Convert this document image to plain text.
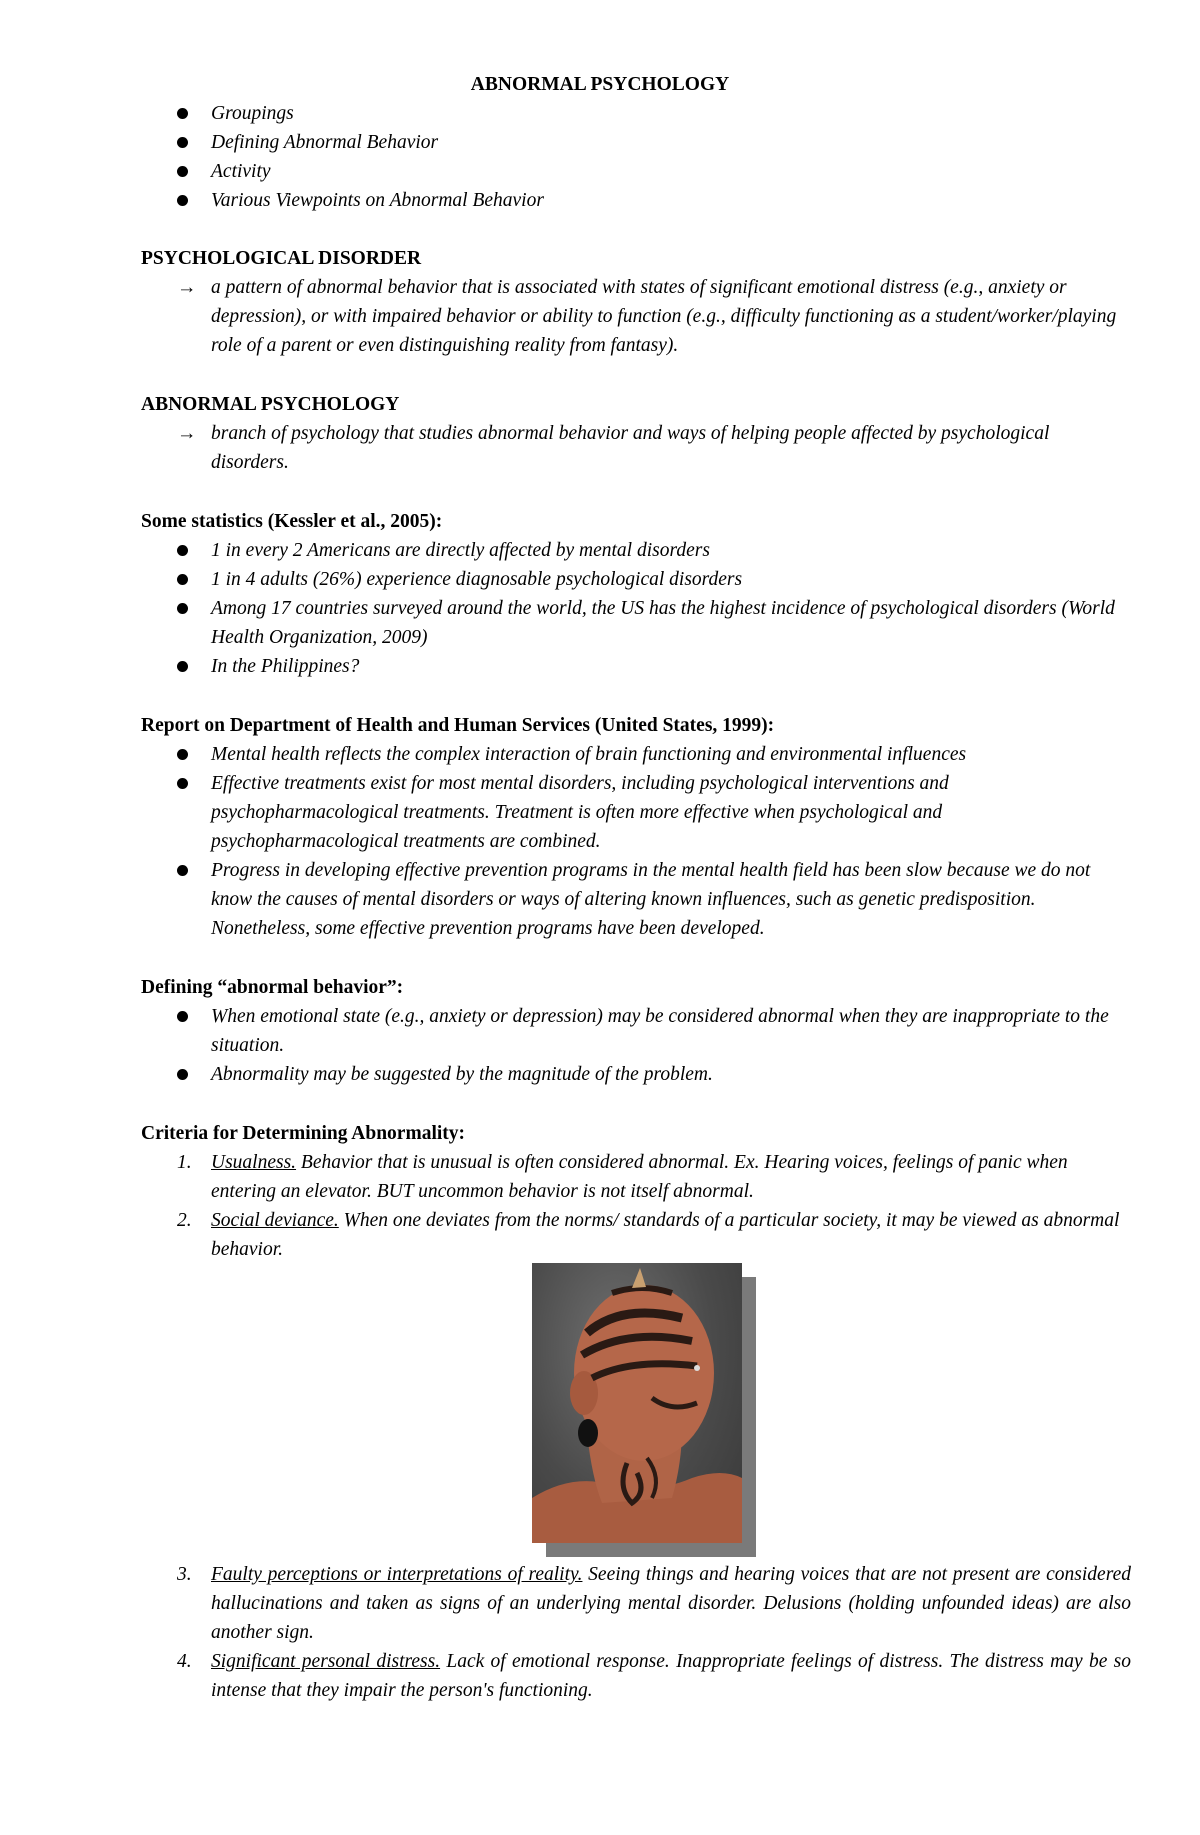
ABNORMAL PSYCHOLOGY
Groupings
Defining Abnormal Behavior
Activity
Various Viewpoints on Abnormal Behavior
PSYCHOLOGICAL DISORDER
→ a pattern of abnormal behavior that is associated with states of significant emotional distress (e.g., anxiety or depression), or with impaired behavior or ability to function (e.g., difficulty functioning as a student/worker/playing role of a parent or even distinguishing reality from fantasy).
ABNORMAL PSYCHOLOGY
→ branch of psychology that studies abnormal behavior and ways of helping people affected by psychological disorders.
Some statistics (Kessler et al., 2005):
1 in every 2 Americans are directly affected by mental disorders
1 in 4 adults (26%) experience diagnosable psychological disorders
Among 17 countries surveyed around the world, the US has the highest incidence of psychological disorders (World Health Organization, 2009)
In the Philippines?
Report on Department of Health and Human Services (United States, 1999):
Mental health reflects the complex interaction of brain functioning and environmental influences
Effective treatments exist for most mental disorders, including psychological interventions and psychopharmacological treatments. Treatment is often more effective when psychological and psychopharmacological treatments are combined.
Progress in developing effective prevention programs in the mental health field has been slow because we do not know the causes of mental disorders or ways of altering known influences, such as genetic predisposition. Nonetheless, some effective prevention programs have been developed.
Defining “abnormal behavior”:
When emotional state (e.g., anxiety or depression) may be considered abnormal when they are inappropriate to the situation.
Abnormality may be suggested by the magnitude of the problem.
Criteria for Determining Abnormality:
1. Usualness. Behavior that is unusual is often considered abnormal. Ex. Hearing voices, feelings of panic when entering an elevator. BUT uncommon behavior is not itself abnormal.
2. Social deviance. When one deviates from the norms/ standards of a particular society, it may be viewed as abnormal behavior.
3. Faulty perceptions or interpretations of reality. Seeing things and hearing voices that are not present are considered hallucinations and taken as signs of an underlying mental disorder. Delusions (holding unfounded ideas) are also another sign.
4. Significant personal distress. Lack of emotional response. Inappropriate feelings of distress. The distress may be so intense that they impair the person's functioning.
